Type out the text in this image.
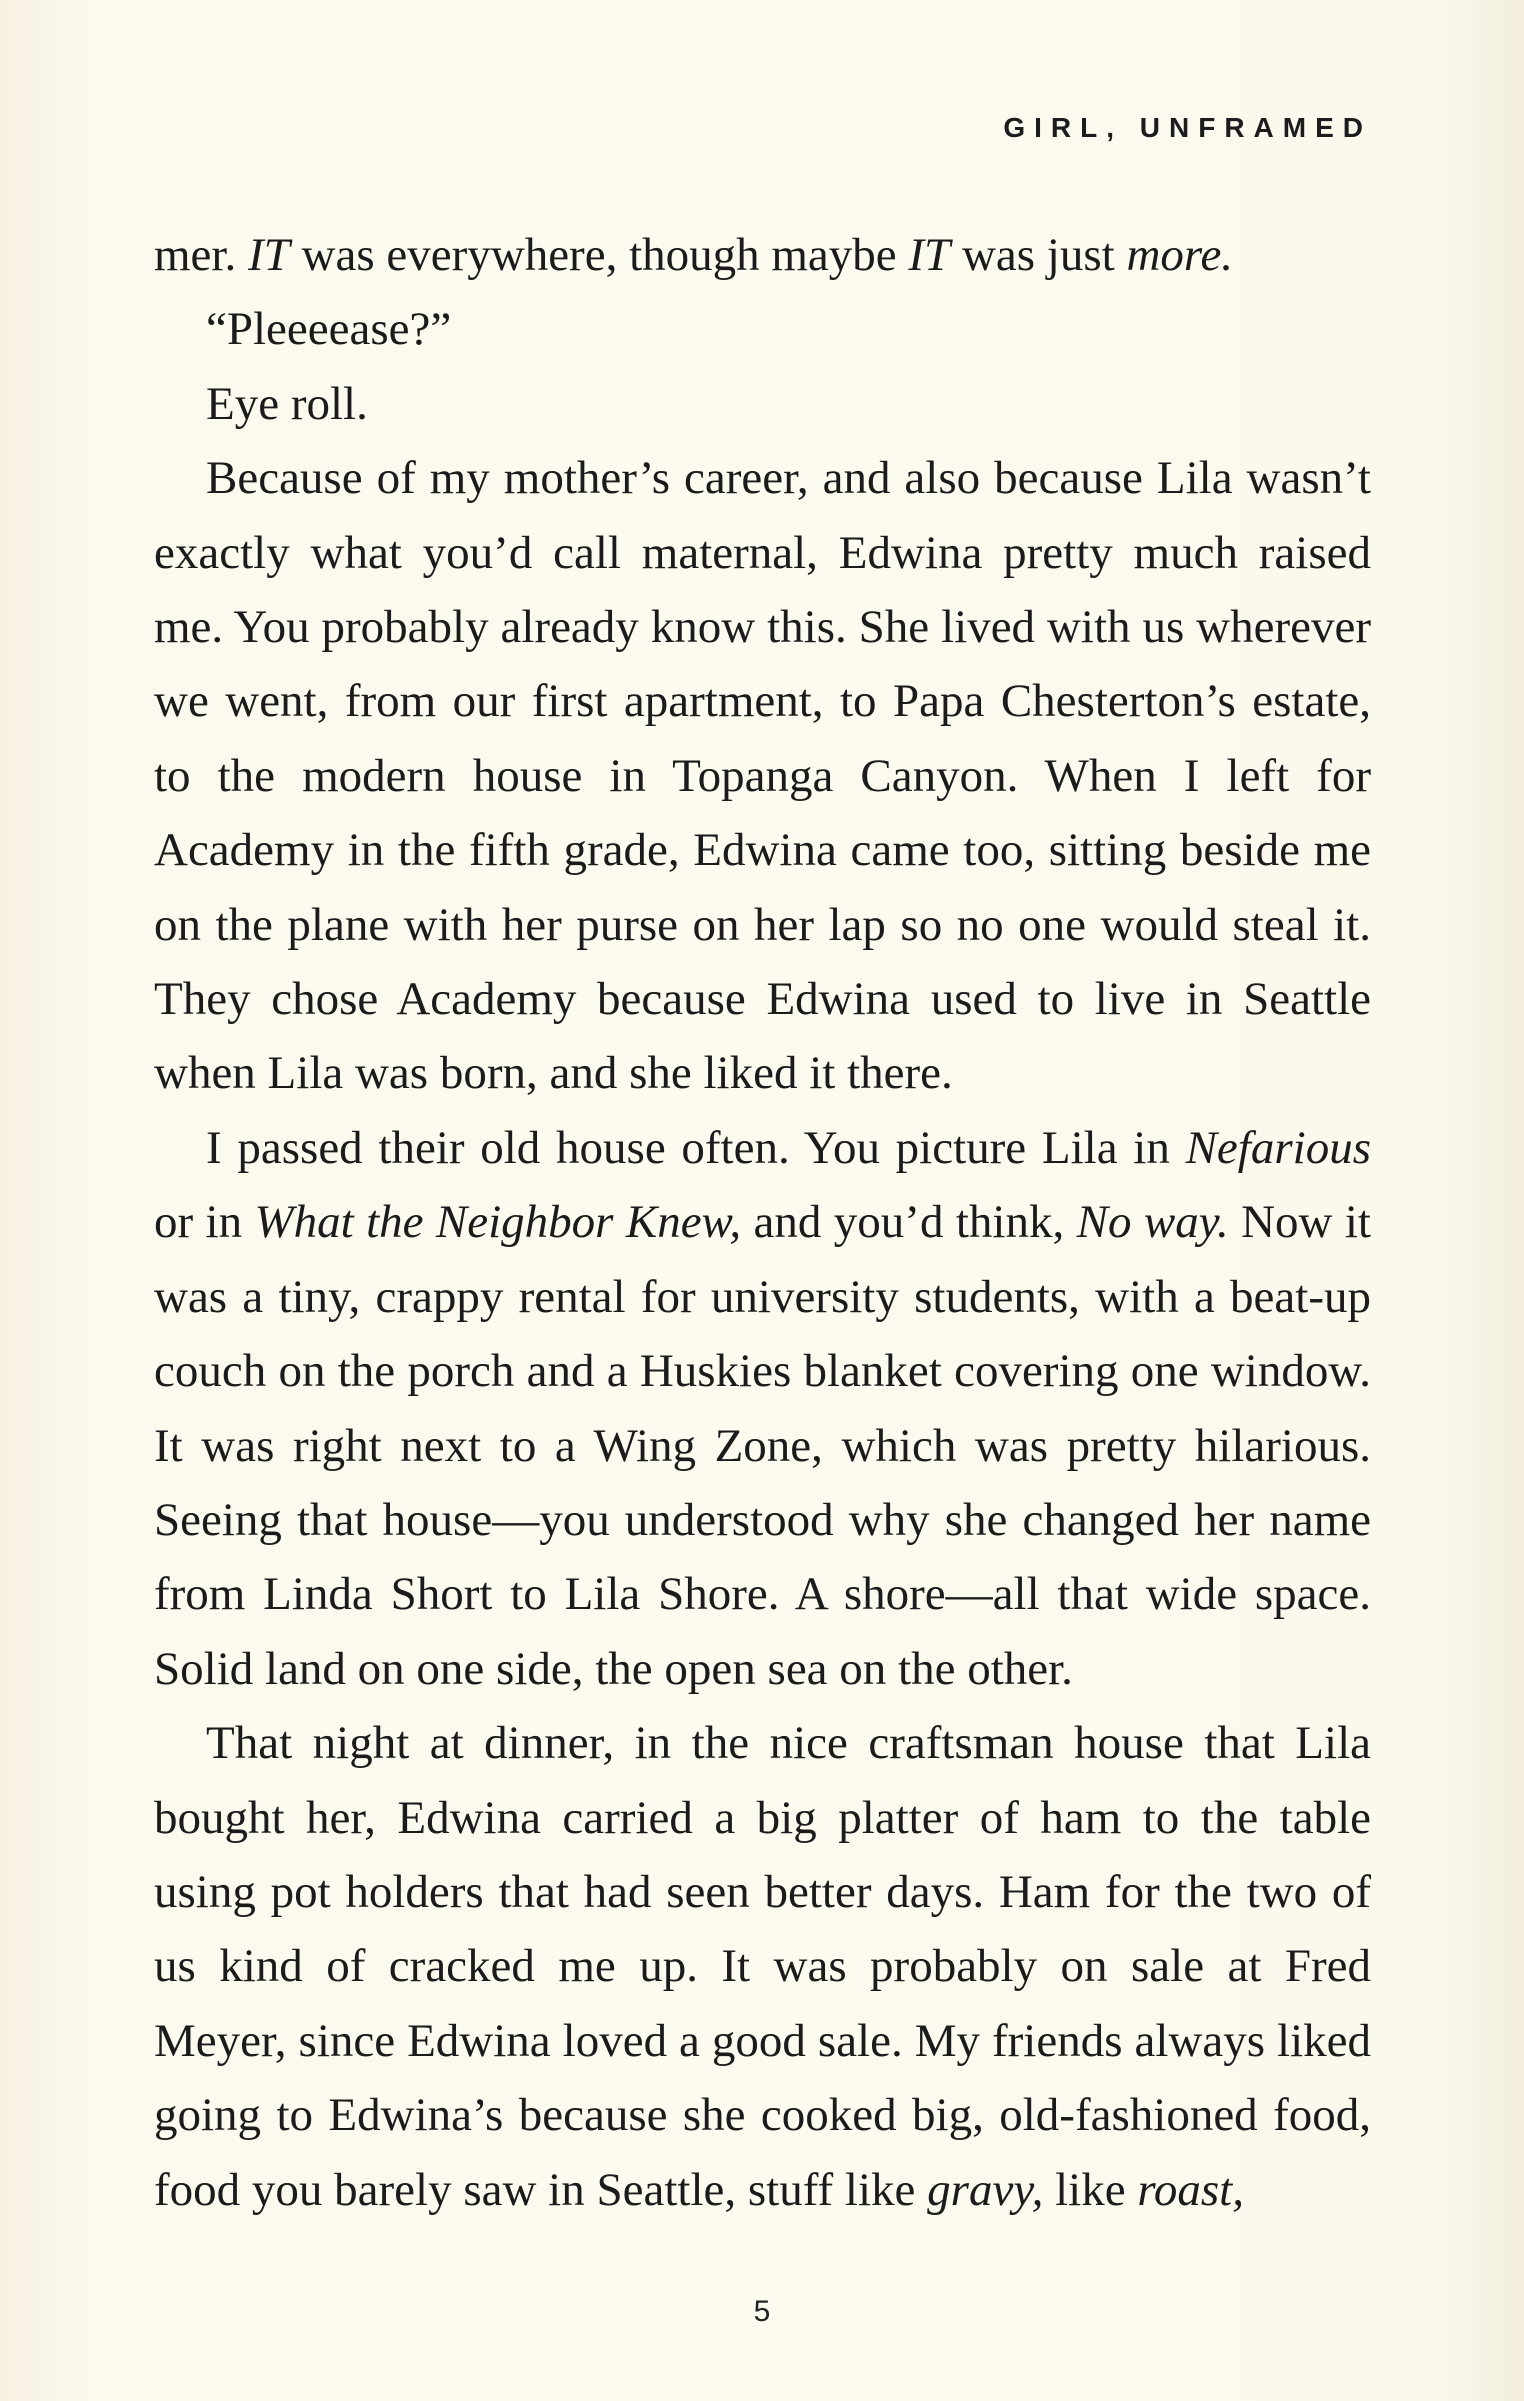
GIRL, UNFRAMED

mer. IT was everywhere, though maybe IT was just more.

“Pleeeease?”

Eye roll.

Because of my mother’s career, and also because Lila wasn’t exactly what you’d call maternal, Edwina pretty much raised me. You probably already know this. She lived with us wherever we went, from our first apartment, to Papa Chesterton’s estate, to the modern house in Topanga Canyon. When I left for Academy in the fifth grade, Edwina came too, sitting beside me on the plane with her purse on her lap so no one would steal it. They chose Academy because Edwina used to live in Seattle when Lila was born, and she liked it there.

I passed their old house often. You picture Lila in Nefarious or in What the Neighbor Knew, and you’d think, No way. Now it was a tiny, crappy rental for university students, with a beat-up couch on the porch and a Huskies blanket covering one window. It was right next to a Wing Zone, which was pretty hilarious. Seeing that house—you understood why she changed her name from Linda Short to Lila Shore. A shore—all that wide space. Solid land on one side, the open sea on the other.

That night at dinner, in the nice craftsman house that Lila bought her, Edwina carried a big platter of ham to the table using pot holders that had seen better days. Ham for the two of us kind of cracked me up. It was probably on sale at Fred Meyer, since Edwina loved a good sale. My friends always liked going to Edwina’s because she cooked big, old-fashioned food, food you barely saw in Seattle, stuff like gravy, like roast,

5
